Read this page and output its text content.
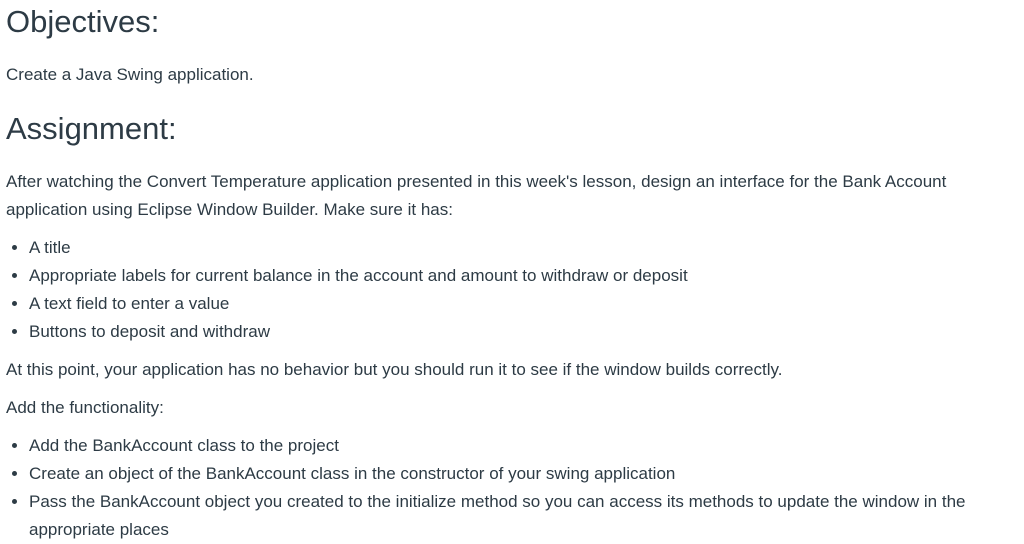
Objectives:

Create a Java Swing application.

Assignment:

After watching the Convert Temperature application presented in this week's lesson, design an interface for the Bank Account application using Eclipse Window Builder. Make sure it has:

• A title
• Appropriate labels for current balance in the account and amount to withdraw or deposit
• A text field to enter a value
• Buttons to deposit and withdraw

At this point, your application has no behavior but you should run it to see if the window builds correctly.

Add the functionality:

• Add the BankAccount class to the project
• Create an object of the BankAccount class in the constructor of your swing application
• Pass the BankAccount object you created to the initialize method so you can access its methods to update the window in the appropriate places
